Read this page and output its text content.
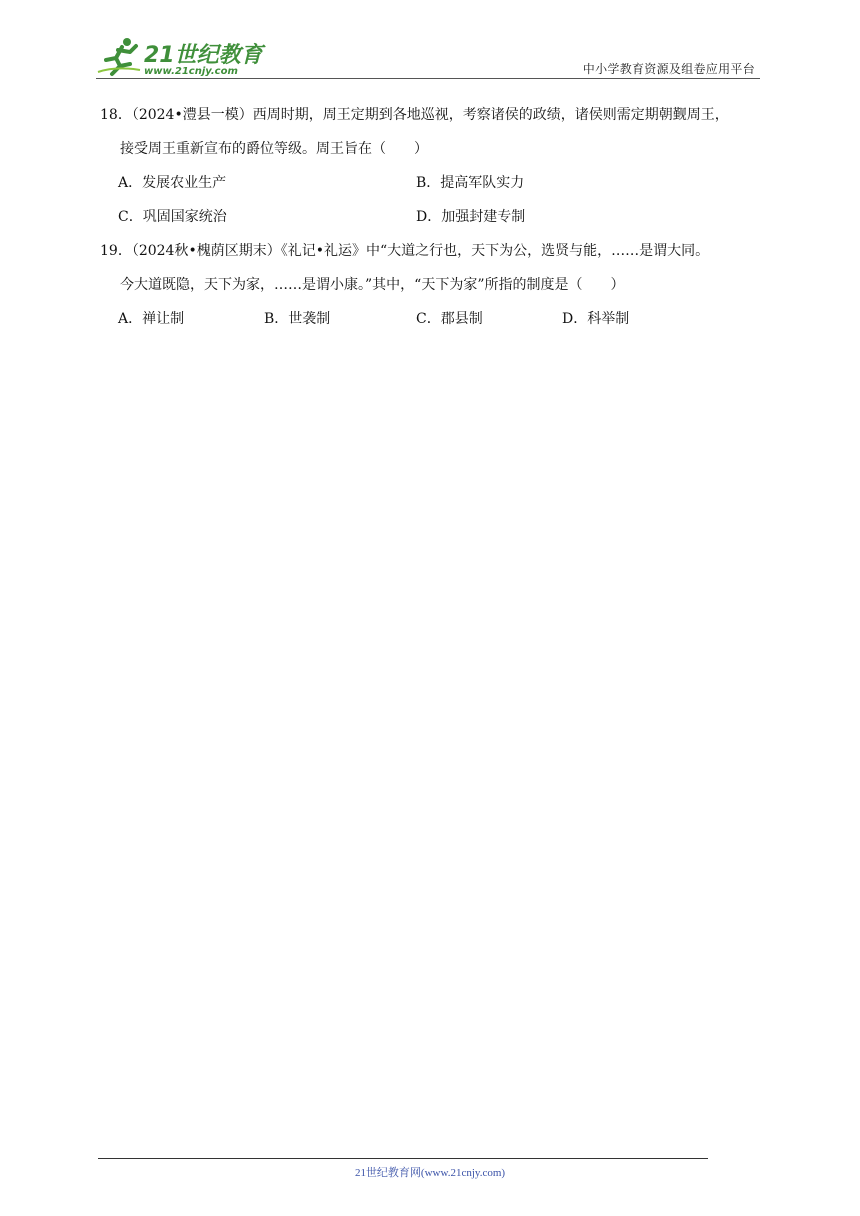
21世纪教育
www.21cnjy.com	中小学教育资源及组卷应用平台
18．（2024•澧县一模）西周时期，周王定期到各地巡视，考察诸侯的政绩，诸侯则需定期朝觐周王，
接受周王重新宣布的爵位等级。周王旨在（　　）
A．发展农业生产	B．提高军队实力
C．巩固国家统治	D．加强封建专制
19．（2024秋•槐荫区期末）《礼记•礼运》中“大道之行也，天下为公，选贤与能，……是谓大同。
今大道既隐，天下为家，……是谓小康。”其中，“天下为家”所指的制度是（　　）
A．禅让制	B．世袭制	C．郡县制	D．科举制
21世纪教育网(www.21cnjy.com)
